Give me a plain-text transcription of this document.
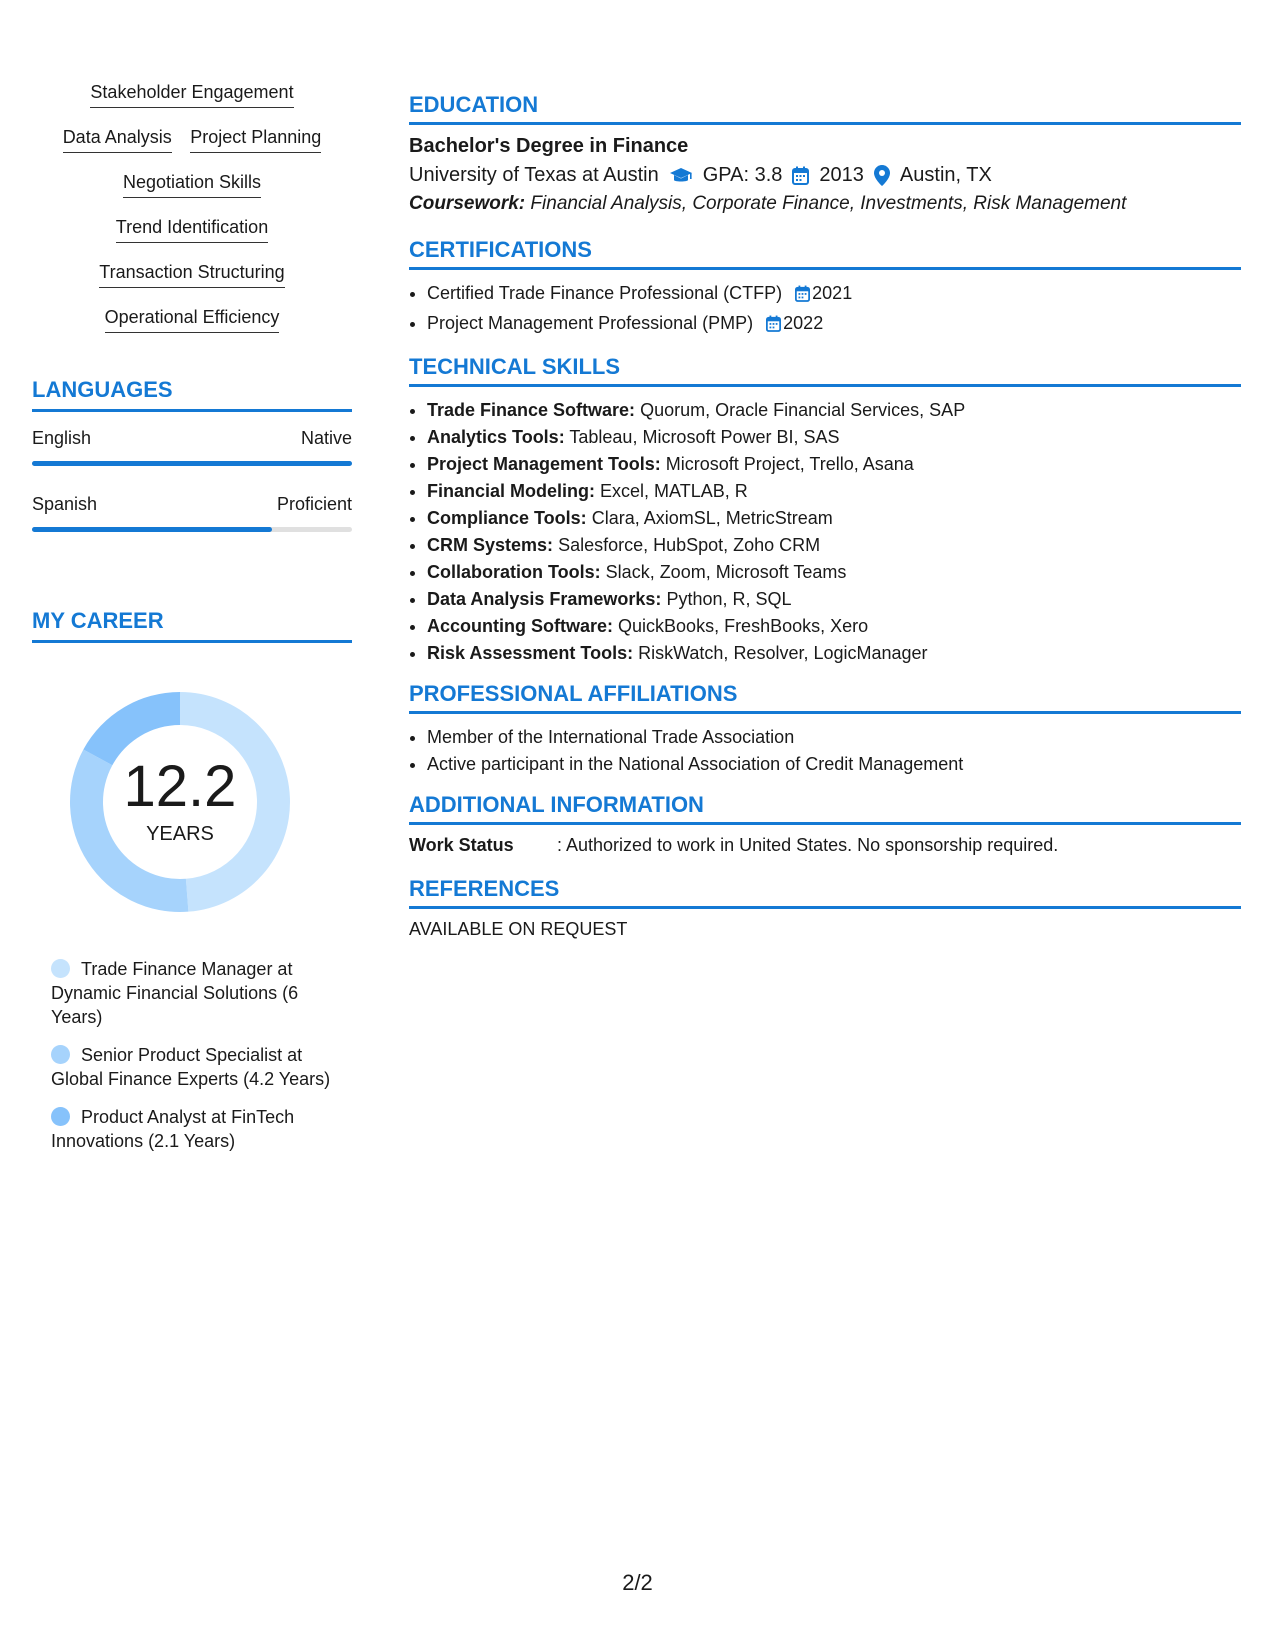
Stakeholder Engagement
Data Analysis Project Planning
Negotiation Skills
Trend Identification
Transaction Structuring
Operational Efficiency
LANGUAGES
English	Native
Spanish	Proficient
MY CAREER
12.2
YEARS
Trade Finance Manager at Dynamic Financial Solutions (6 Years)
Senior Product Specialist at Global Finance Experts (4.2 Years)
Product Analyst at FinTech Innovations (2.1 Years)
EDUCATION
Bachelor's Degree in Finance
University of Texas at Austin GPA: 3.8 2013 Austin, TX
Coursework: Financial Analysis, Corporate Finance, Investments, Risk Management
CERTIFICATIONS
• Certified Trade Finance Professional (CTFP) 2021
• Project Management Professional (PMP) 2022
TECHNICAL SKILLS
• Trade Finance Software: Quorum, Oracle Financial Services, SAP
• Analytics Tools: Tableau, Microsoft Power BI, SAS
• Project Management Tools: Microsoft Project, Trello, Asana
• Financial Modeling: Excel, MATLAB, R
• Compliance Tools: Clara, AxiomSL, MetricStream
• CRM Systems: Salesforce, HubSpot, Zoho CRM
• Collaboration Tools: Slack, Zoom, Microsoft Teams
• Data Analysis Frameworks: Python, R, SQL
• Accounting Software: QuickBooks, FreshBooks, Xero
• Risk Assessment Tools: RiskWatch, Resolver, LogicManager
PROFESSIONAL AFFILIATIONS
• Member of the International Trade Association
• Active participant in the National Association of Credit Management
ADDITIONAL INFORMATION
Work Status	: Authorized to work in United States. No sponsorship required.
REFERENCES
AVAILABLE ON REQUEST
2/2
